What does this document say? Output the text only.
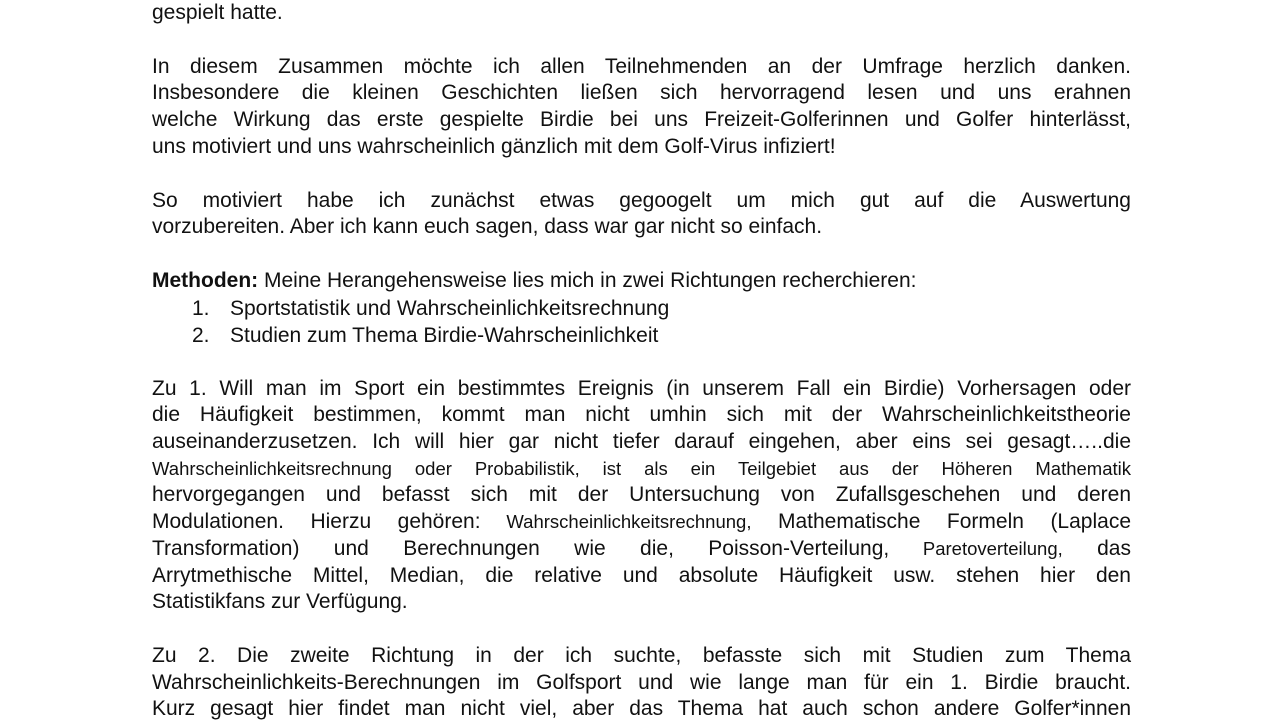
gespielt hatte.

In diesem Zusammen möchte ich allen Teilnehmenden an der Umfrage herzlich danken.
Insbesondere die kleinen Geschichten ließen sich hervorragend lesen und uns erahnen
welche Wirkung das erste gespielte Birdie bei uns Freizeit-Golferinnen und Golfer hinterlässt,
uns motiviert und uns wahrscheinlich gänzlich mit dem Golf-Virus infiziert!

So motiviert habe ich zunächst etwas gegoogelt um mich gut auf die Auswertung
vorzubereiten. Aber ich kann euch sagen, dass war gar nicht so einfach.

Methoden: Meine Herangehensweise lies mich in zwei Richtungen recherchieren:

1. Sportstatistik und Wahrscheinlichkeitsrechnung
2. Studien zum Thema Birdie-Wahrscheinlichkeit

Zu 1. Will man im Sport ein bestimmtes Ereignis (in unserem Fall ein Birdie) Vorhersagen oder
die Häufigkeit bestimmen, kommt man nicht umhin sich mit der Wahrscheinlichkeitstheorie
auseinanderzusetzen. Ich will hier gar nicht tiefer darauf eingehen, aber eins sei gesagt…..die
Wahrscheinlichkeitsrechnung oder Probabilistik, ist als ein Teilgebiet aus der Höheren Mathematik
hervorgegangen und befasst sich mit der Untersuchung von Zufallsgeschehen und deren
Modulationen. Hierzu gehören: Wahrscheinlichkeitsrechnung, Mathematische Formeln (Laplace
Transformation) und Berechnungen wie die, Poisson-Verteilung, Paretoverteilung, das
Arrytmethische Mittel, Median, die relative und absolute Häufigkeit usw. stehen hier den
Statistikfans zur Verfügung.

Zu 2. Die zweite Richtung in der ich suchte, befasste sich mit Studien zum Thema
Wahrscheinlichkeits-Berechnungen im Golfsport und wie lange man für ein 1. Birdie braucht.
Kurz gesagt hier findet man nicht viel, aber das Thema hat auch schon andere Golfer*innen
